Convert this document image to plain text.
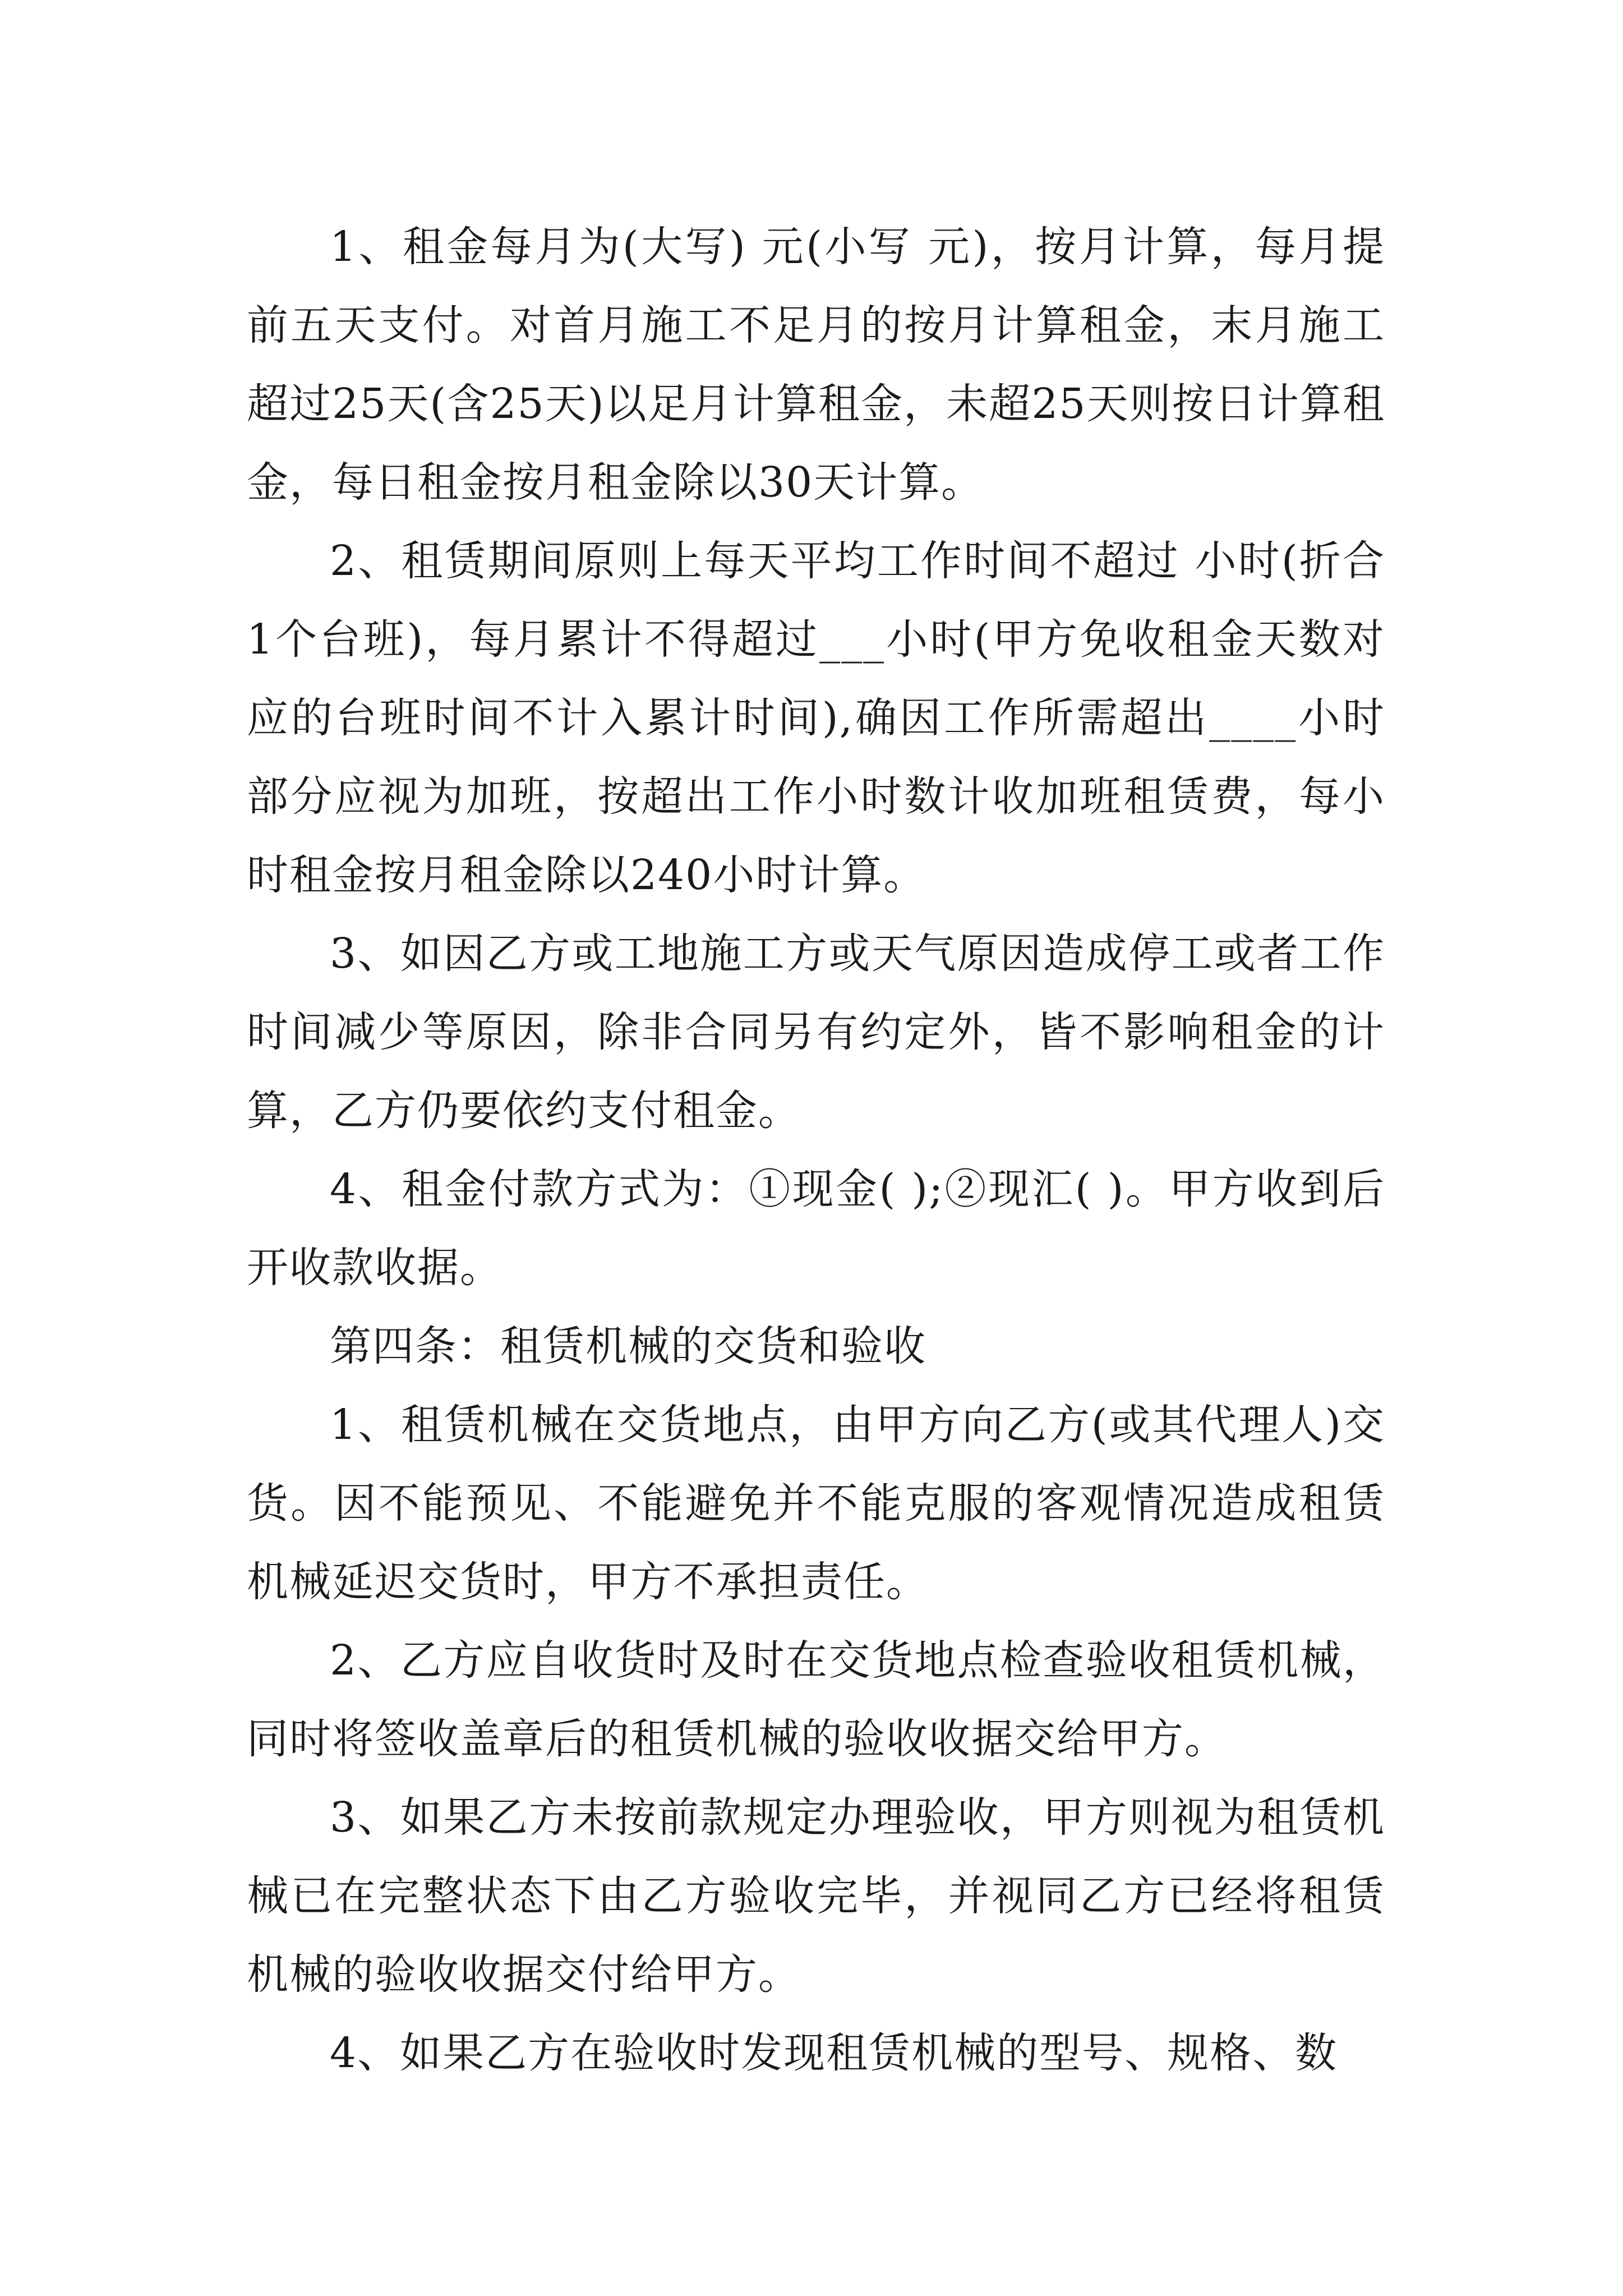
1、租金每月为(大写) 元(小写 元)，按月计算，每月提前五天支付。对首月施工不足月的按月计算租金，末月施工超过25天(含25天)以足月计算租金，未超25天则按日计算租金，每日租金按月租金除以30天计算。

2、租赁期间原则上每天平均工作时间不超过 小时(折合1个台班)，每月累计不得超过___小时(甲方免收租金天数对应的台班时间不计入累计时间),确因工作所需超出____小时部分应视为加班，按超出工作小时数计收加班租赁费，每小时租金按月租金除以240小时计算。

3、如因乙方或工地施工方或天气原因造成停工或者工作时间减少等原因，除非合同另有约定外，皆不影响租金的计算，乙方仍要依约支付租金。

4、租金付款方式为：①现金( );②现汇( )。甲方收到后开收款收据。

第四条：租赁机械的交货和验收

1、租赁机械在交货地点，由甲方向乙方(或其代理人)交货。因不能预见、不能避免并不能克服的客观情况造成租赁机械延迟交货时，甲方不承担责任。

2、乙方应自收货时及时在交货地点检查验收租赁机械，同时将签收盖章后的租赁机械的验收收据交给甲方。

3、如果乙方未按前款规定办理验收，甲方则视为租赁机械已在完整状态下由乙方验收完毕，并视同乙方已经将租赁机械的验收收据交付给甲方。

4、如果乙方在验收时发现租赁机械的型号、规格、数
